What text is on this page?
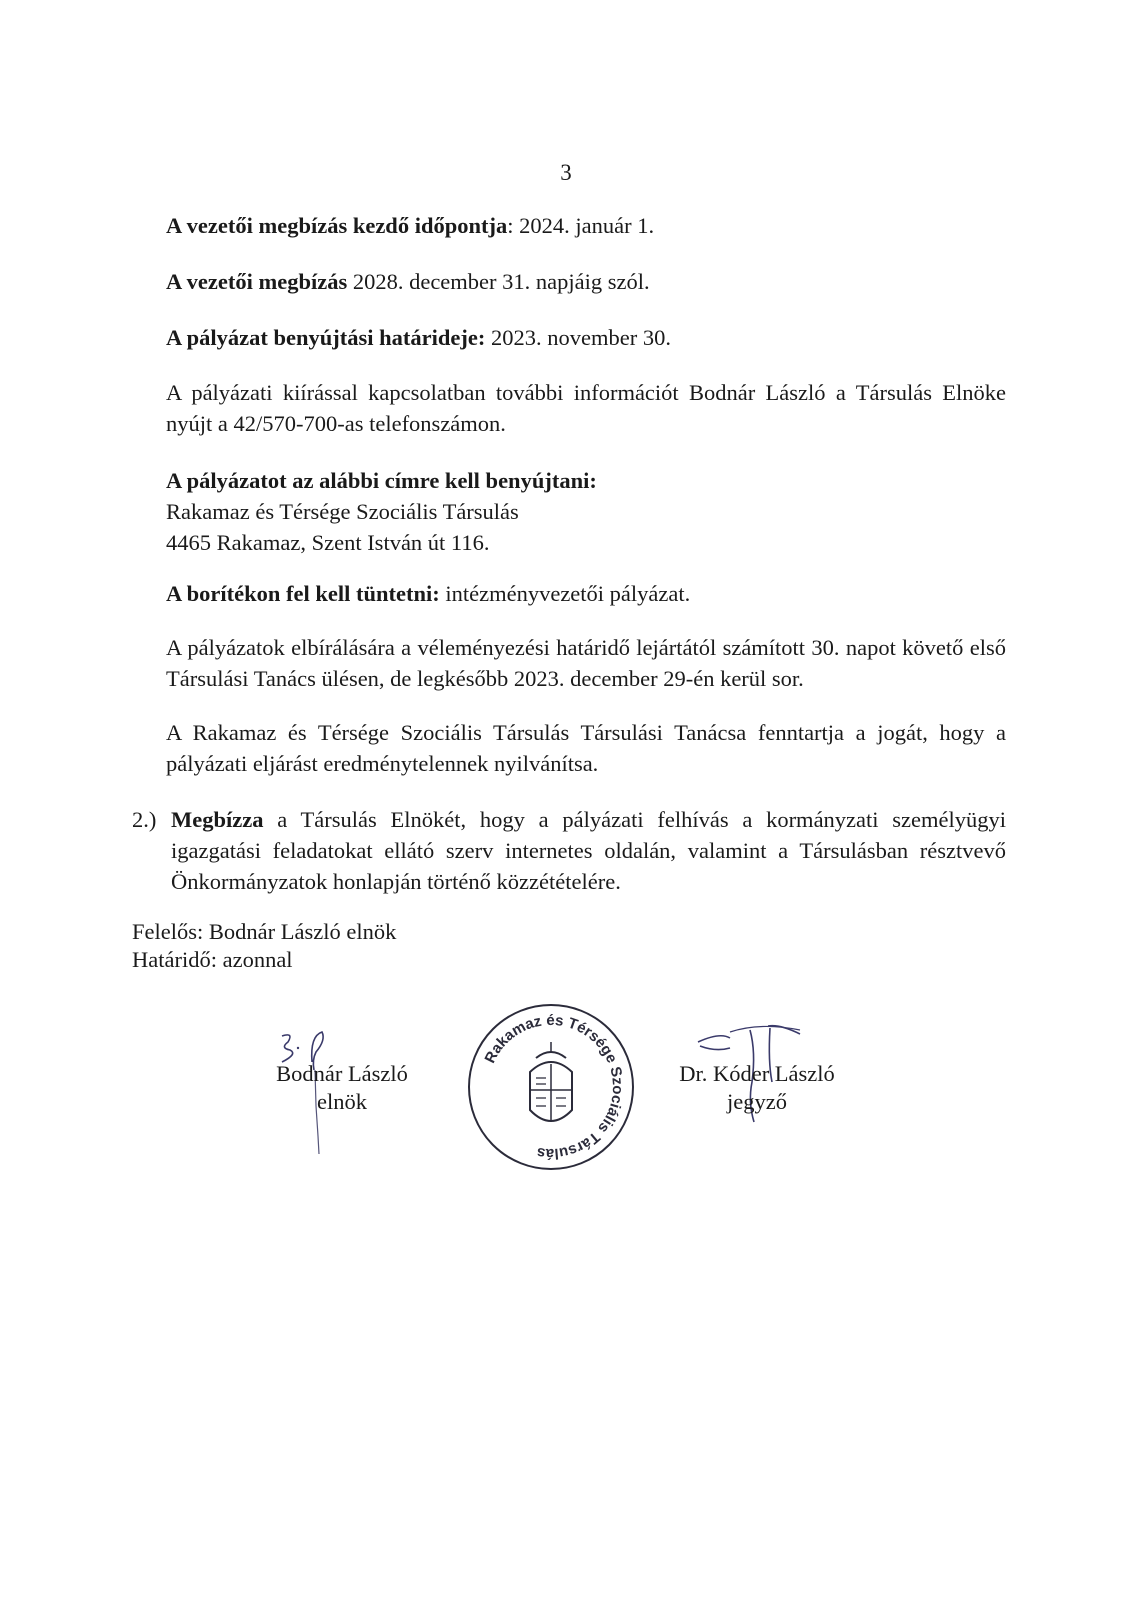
3

A vezetői megbízás kezdő időpontja: 2024. január 1.

A vezetői megbízás 2028. december 31. napjáig szól.

A pályázat benyújtási határideje: 2023. november 30.

A pályázati kiírással kapcsolatban további információt Bodnár László a Társulás Elnöke nyújt a 42/570-700-as telefonszámon.

A pályázatot az alábbi címre kell benyújtani:
Rakamaz és Térsége Szociális Társulás
4465 Rakamaz, Szent István út 116.

A borítékon fel kell tüntetni: intézményvezetői pályázat.

A pályázatok elbírálására a véleményezési határidő lejártától számított 30. napot követő első Társulási Tanács ülésen, de legkésőbb 2023. december 29-én kerül sor.

A Rakamaz és Térsége Szociális Társulás Társulási Tanácsa fenntartja a jogát, hogy a pályázati eljárást eredménytelennek nyilvánítsa.

2.) Megbízza a Társulás Elnökét, hogy a pályázati felhívás a kormányzati személyügyi igazgatási feladatokat ellátó szerv internetes oldalán, valamint a Társulásban résztvevő Önkormányzatok honlapján történő közzétételére.
Felelős: Bodnár László elnök
Határidő: azonnal
Bodnár László
elnök
Rakamaz és Térsége Szociális Társulás
Dr. Kóder László
jegyző
